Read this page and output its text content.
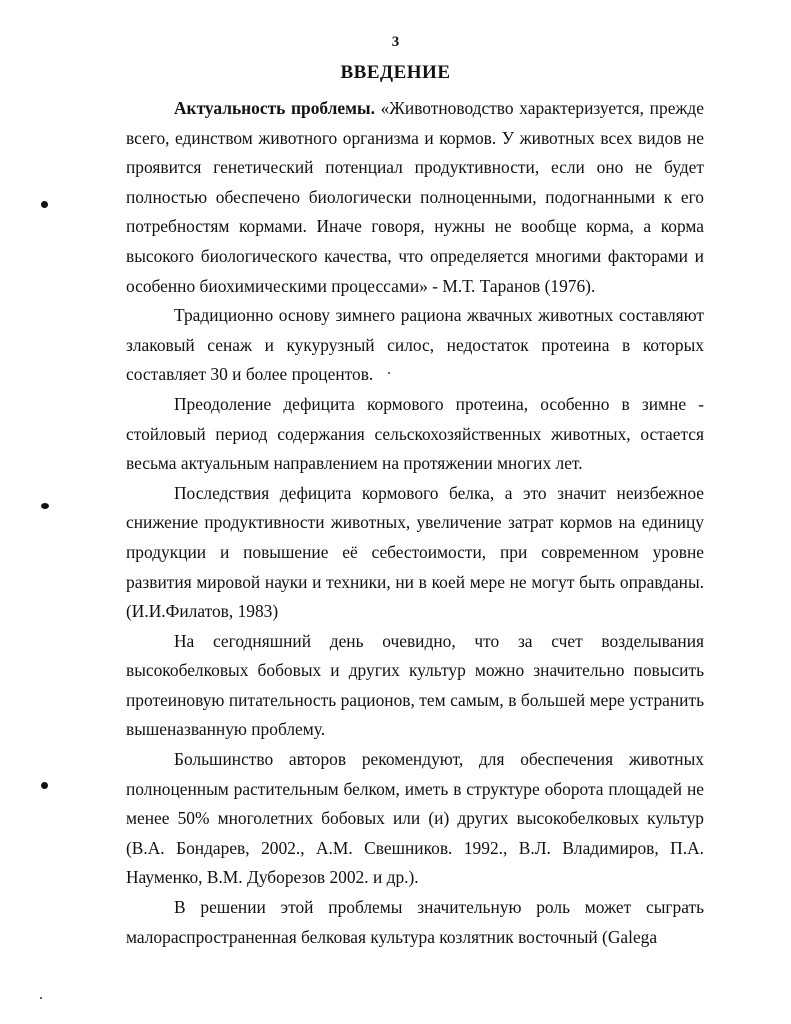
3
ВВЕДЕНИЕ

Актуальность проблемы. «Животноводство характеризуется, прежде всего, единством животного организма и кормов. У животных всех видов не проявится генетический потенциал продуктивности, если оно не будет полностью обеспечено биологически полноценными, подогнанными к его потребностям кормами. Иначе говоря, нужны не вообще корма, а корма высокого биологического качества, что определяется многими факторами и особенно биохимическими процессами» - М.Т. Таранов (1976).

Традиционно основу зимнего рациона жвачных животных составляют злаковый сенаж и кукурузный силос, недостаток протеина в которых составляет 30 и более процентов.

Преодоление дефицита кормового протеина, особенно в зимне - стойловый период содержания сельскохозяйственных животных, остается весьма актуальным направлением на протяжении многих лет.

Последствия дефицита кормового белка, а это значит неизбежное снижение продуктивности животных, увеличение затрат кормов на единицу продукции и повышение её себестоимости, при современном уровне развития мировой науки и техники, ни в коей мере не могут быть оправданы. (И.И.Филатов, 1983)

На сегодняшний день очевидно, что за счет возделывания высокобелковых бобовых и других культур можно значительно повысить протеиновую питательность рационов, тем самым, в большей мере устранить вышеназванную проблему.

Большинство авторов рекомендуют, для обеспечения животных полноценным растительным белком, иметь в структуре оборота площадей не менее 50% многолетних бобовых или (и) других высокобелковых культур (В.А. Бондарев, 2002., А.М. Свешников. 1992., В.Л. Владимиров, П.А. Науменко, В.М. Дуборезов 2002. и др.).

В решении этой проблемы значительную роль может сыграть малораспространенная белковая культура козлятник восточный (Galega
